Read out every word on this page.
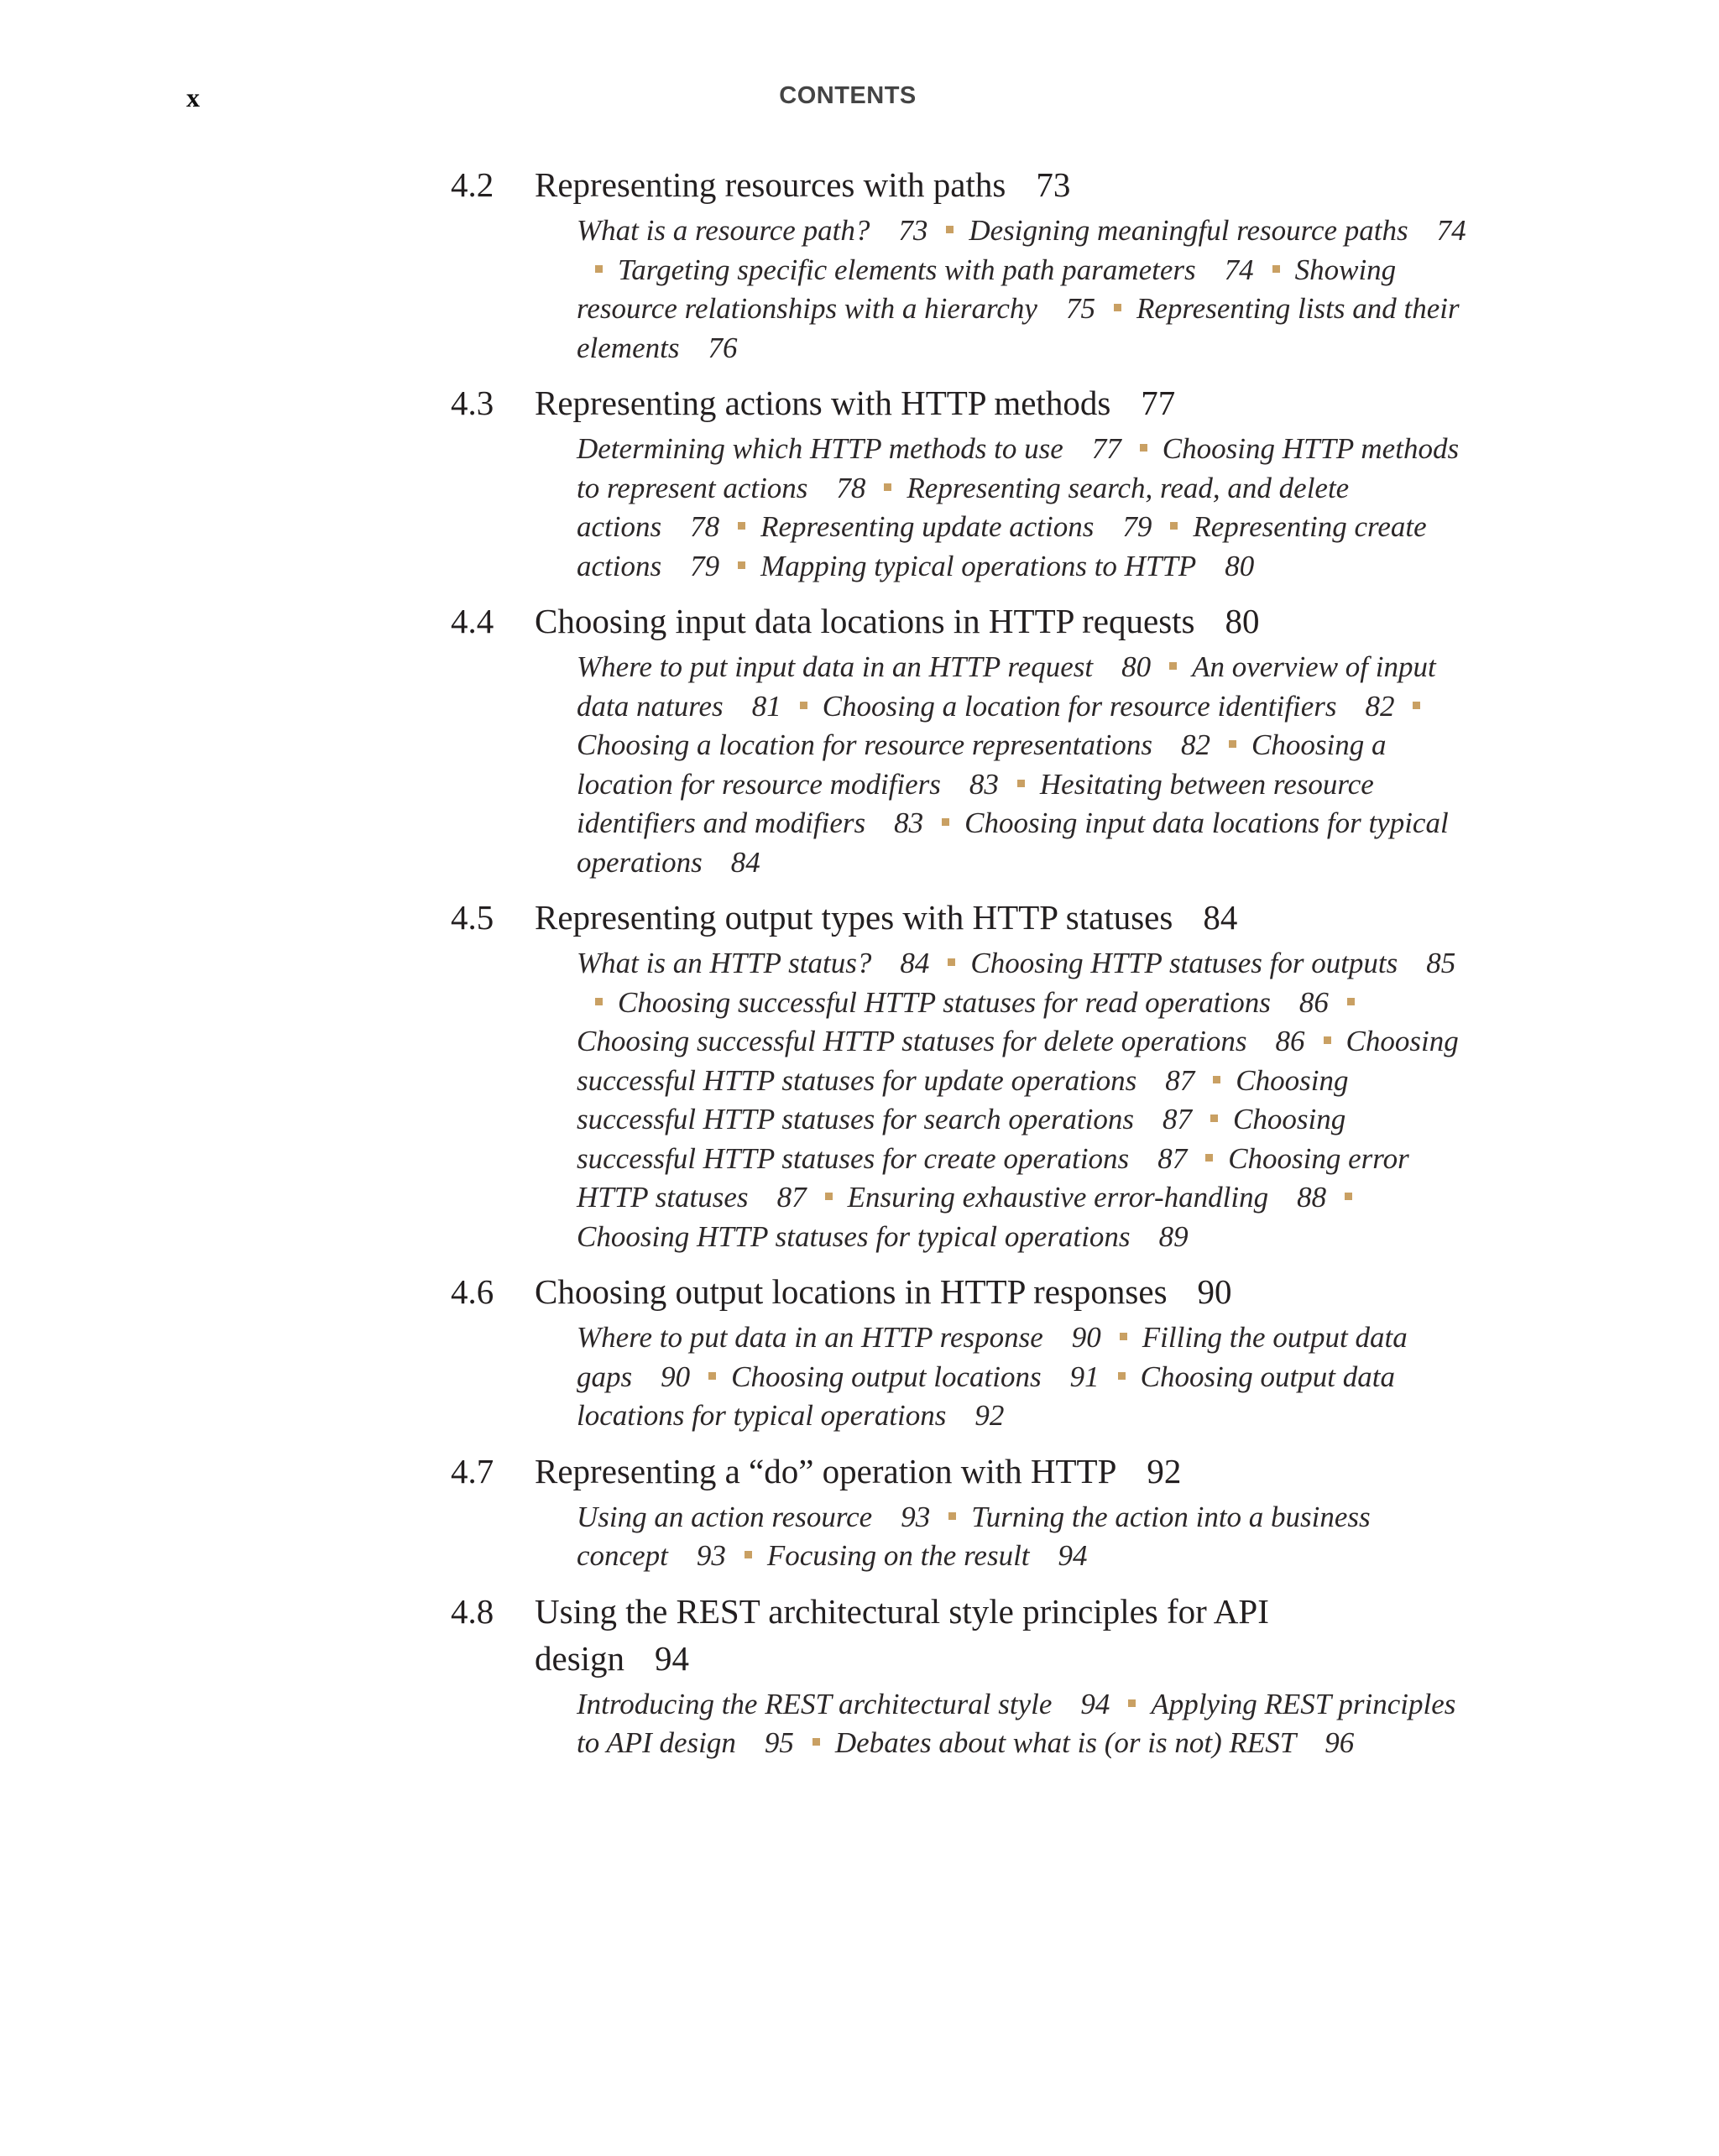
x	CONTENTS
4.2 Representing resources with paths 73
What is a resource path? 73 Designing meaningful resource paths 74Targeting specific elements with path parameters 74 Showing resource relationships with a hierarchy 75 Representing lists and their elements 76
4.3 Representing actions with HTTP methods 77
Determining which HTTP methods to use 77 Choosing HTTP methods to represent actions 78 Representing search, read, and delete actions 78 Representing update actions 79 Representing create actions 79 Mapping typical operations to HTTP 80
4.4 Choosing input data locations in HTTP requests 80
Where to put input data in an HTTP request 80 An overview of input data natures 81 Choosing a location for resource identifiers 82Choosing a location for resource representations 82 Choosing a location for resource modifiers 83 Hesitating between resource identifiers and modifiers 83 Choosing input data locations for typical operations 84
4.5 Representing output types with HTTP statuses 84
What is an HTTP status? 84 Choosing HTTP statuses for outputs 85Choosing successful HTTP statuses for read operations 86Choosing successful HTTP statuses for delete operations 86 Choosing successful HTTP statuses for update operations 87 Choosing successful HTTP statuses for search operations 87 Choosing successful HTTP statuses for create operations 87 Choosing error HTTP statuses 87 Ensuring exhaustive error-handling 88Choosing HTTP statuses for typical operations 89
4.6 Choosing output locations in HTTP responses 90
Where to put data in an HTTP response 90 Filling the output data gaps 90 Choosing output locations 91 Choosing output data locations for typical operations 92
4.7 Representing a “do” operation with HTTP 92
Using an action resource 93 Turning the action into a business concept 93 Focusing on the result 94
4.8 Using the REST architectural style principles for API design 94
Introducing the REST architectural style 94 Applying REST principles to API design 95 Debates about what is (or is not) REST 96
